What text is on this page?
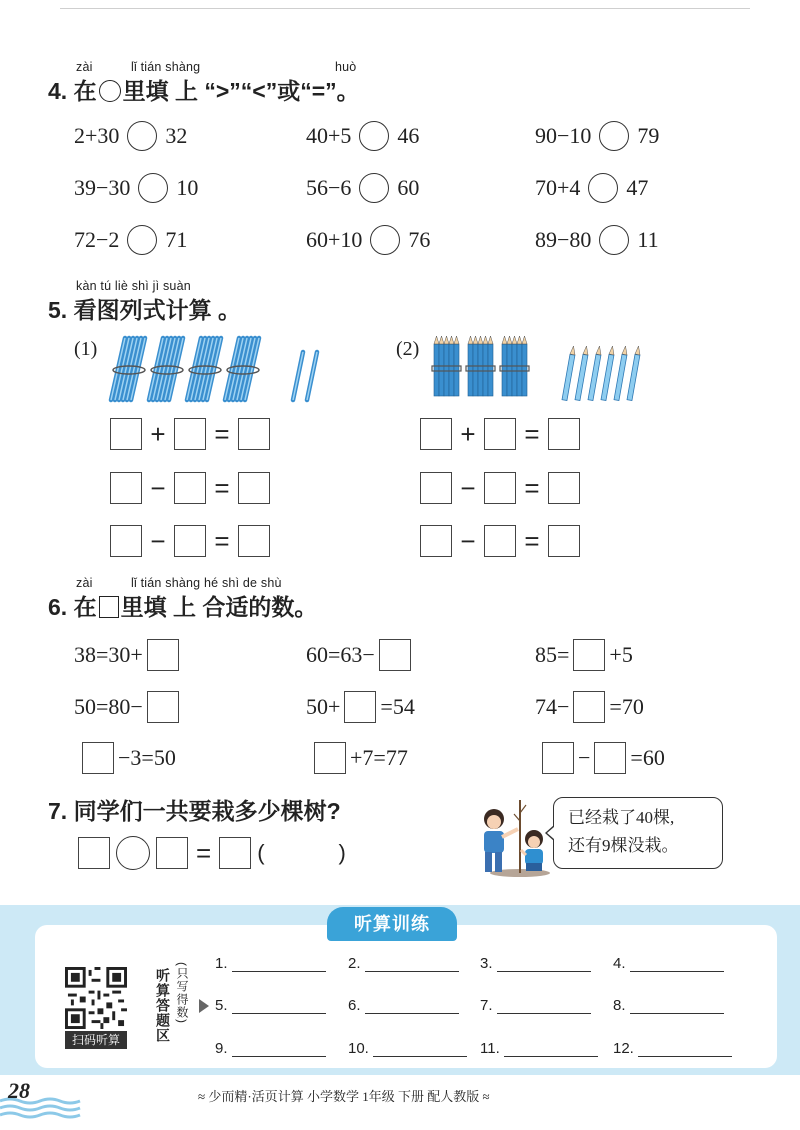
zài	lǐ tián shàng	huò
4. 在 里填 上 “>”“<”或“=”。
2+30 32	40+5 46	90−10 79
39−30 10	56−6 60	70+4 47
72−2 71	60+10 76	89−80 11
kàn tú liè shì jì suàn
5. 看图列式计算 。
(1)	(2)
+	=
−	=
−	=
+	=
−	=
−	=
zài	lǐ tián shàng hé shì de shù
6. 在 里填 上 合适的数。
38=30+	60=63−	85= +5
50=80−	50+ =54	74− =70
−3=50	+7=77	− =60
7. 同学们一共要栽多少棵树?
= (	)
已经栽了40棵,
还有9棵没栽。
听算训练
扫码听算	听算答题区 (只写得数) 1.	2.	3.	4.
5.	6.	7.	8.
9.	10.	11.	12.
28	≈ 少而精·活页计算 小学数学 1年级 下册 配人教版 ≈
